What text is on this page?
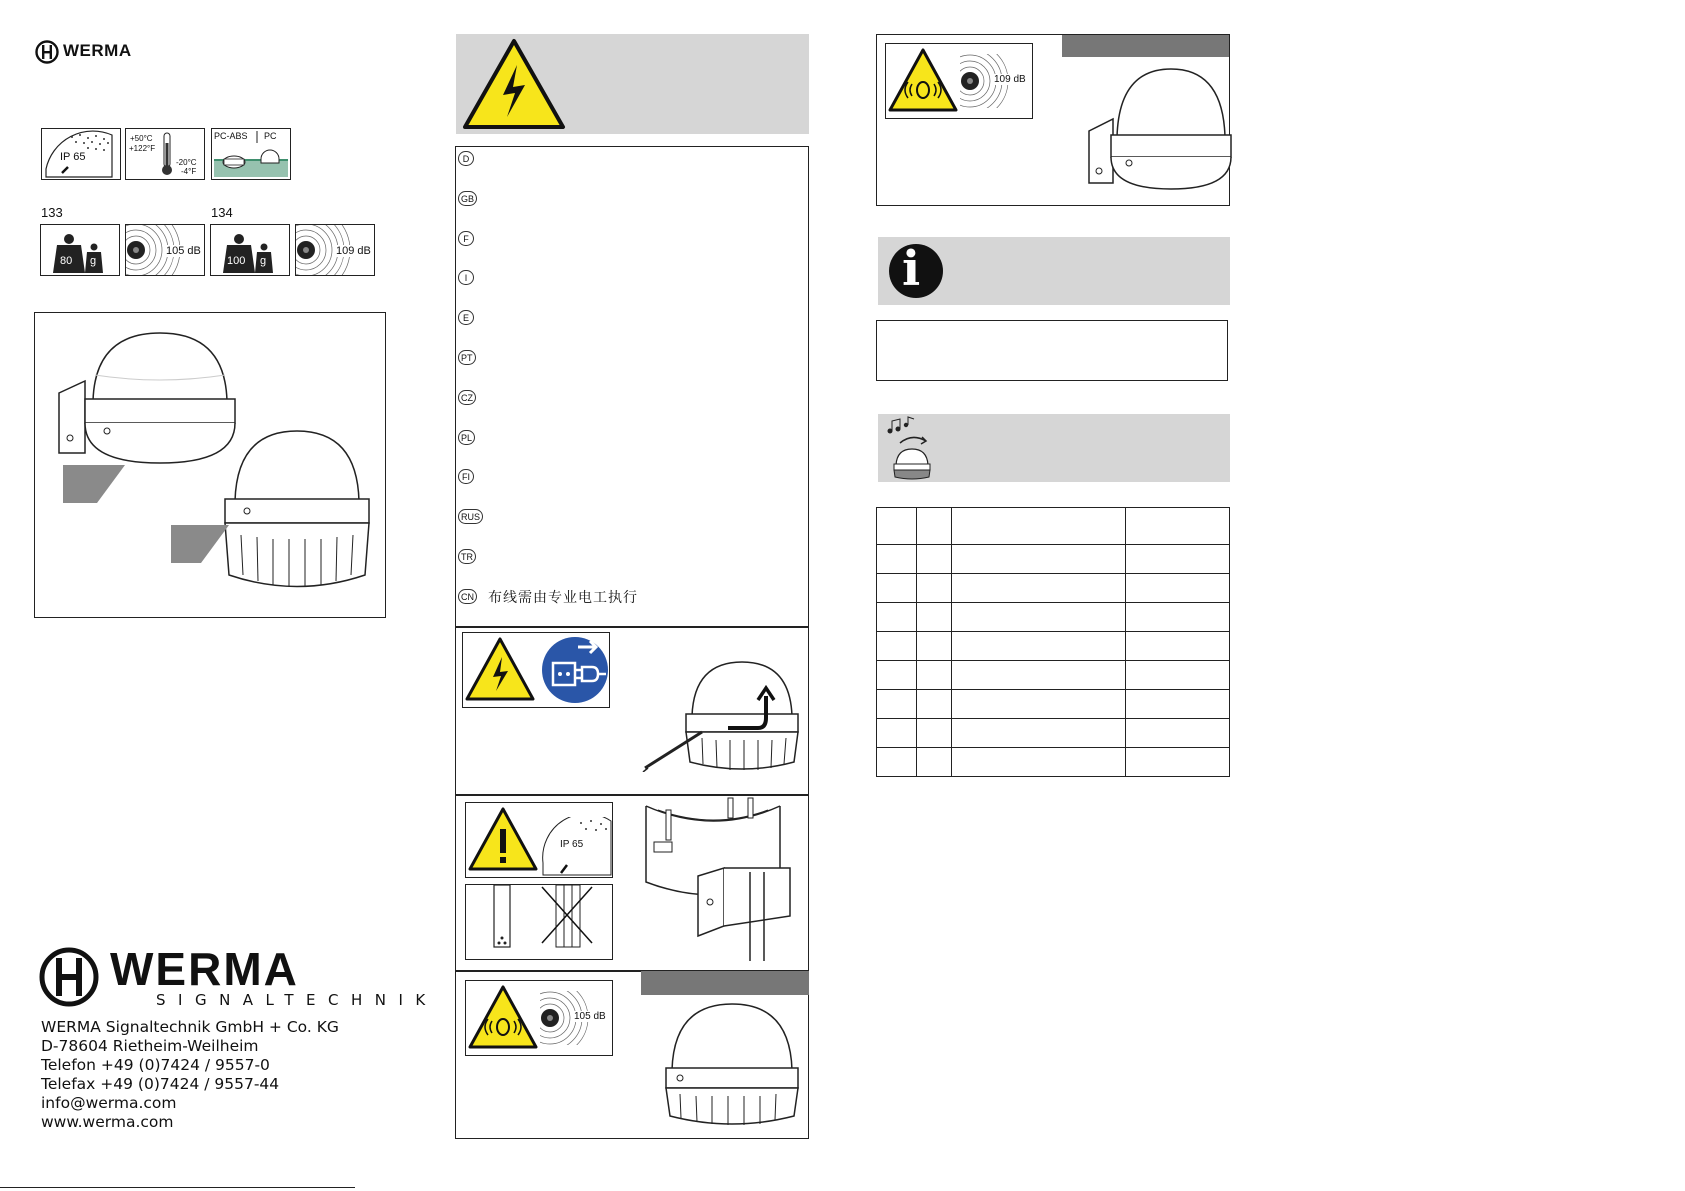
WERMA
IP 65
+50°C
+122°F
-20°C
-4°F
PC-ABS PC
133	134
80 g
105 dB
100 g
109 dB
WERMA
SIGNALTECHNIK
WERMA Signaltechnik GmbH + Co. KG
D-78604 Rietheim-Weilheim
Telefon +49 (0)7424 / 9557-0
Telefax +49 (0)7424 / 9557-44
info@werma.com
www.werma.com
D
GB
F
I
E
PT
CZ
PL
FI
RUS
TR
CN 布线需由专业电工执行
IP 65
105 dB
109 dB
i
